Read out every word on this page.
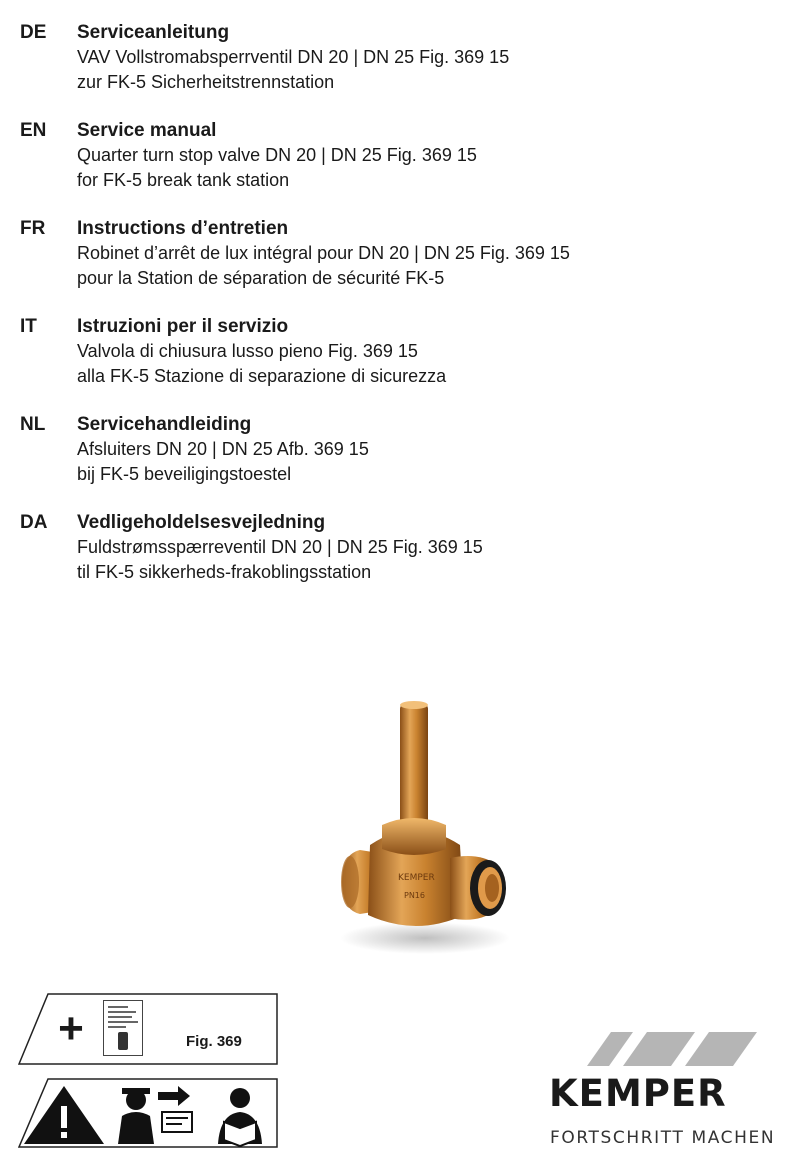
DE Serviceanleitung
VAV Vollstromabsperrventil DN 20 | DN 25 Fig. 369 15
zur FK-5 Sicherheitstrennstation
EN Service manual
Quarter turn stop valve DN 20 | DN 25 Fig. 369 15
for FK-5 break tank station
FR Instructions d’entretien
Robinet d’arrêt de lux intégral pour DN 20 | DN 25 Fig. 369 15
pour la Station de séparation de sécurité FK-5
IT Istruzioni per il servizio
Valvola di chiusura lusso pieno Fig. 369 15
alla FK-5 Stazione di separazione di sicurezza
NL Servicehandleiding
Afsluiters DN 20 | DN 25 Afb. 369 15
bij FK-5 beveiligingstoestel
DA Vedligeholdelsesvejledning
Fuldstrømsspærreventil DN 20 | DN 25 Fig. 369 15
til FK-5 sikkerheds-frakoblingsstation
KEMPER
PN16
+	Fig. 369
KEMPER
FORTSCHRITT MACHEN
